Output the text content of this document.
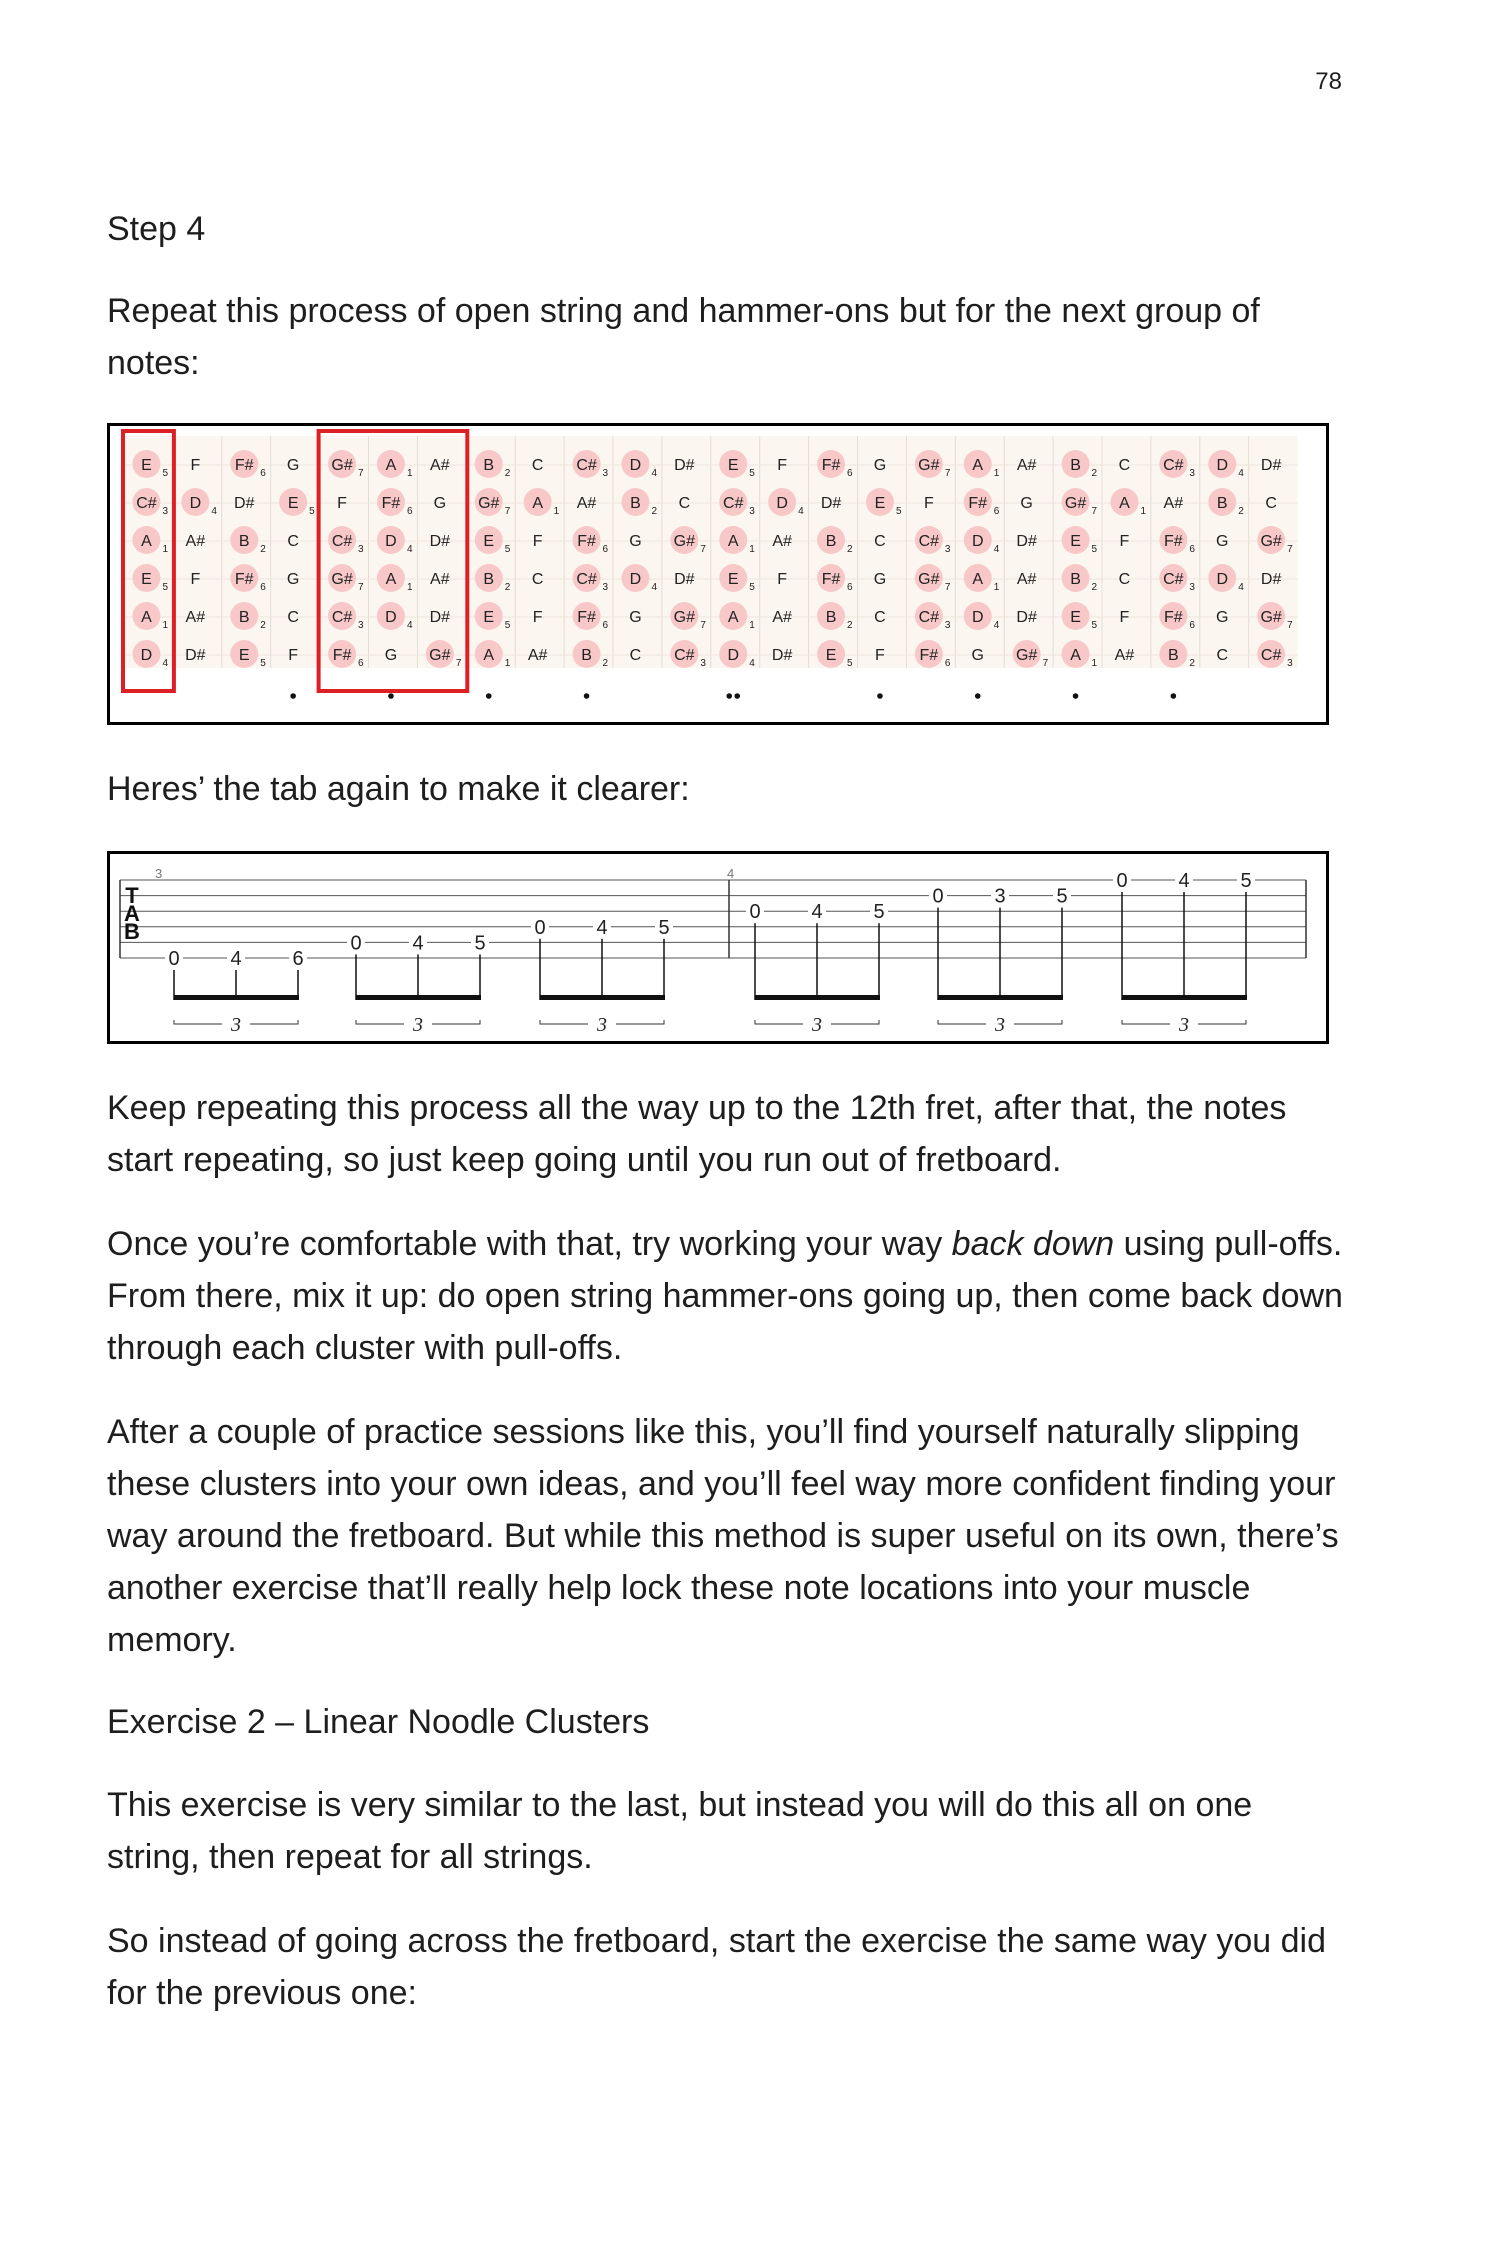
78
Step 4

Repeat this process of open string and hammer-ons but for the next group of notes:

E 5 F F# 6 G G# 7 A 1 A# B 2 C C# 3 D 4 D# E 5 F F# 6 G G# 7 A 1 A# B 2 C C# 3 D 4 D#
C# 3 D 4 D# E 5 F F# 6 G G# 7 A 1 A# B 2 C C# 3 D 4 D# E 5 F F# 6 G G# 7 A 1 A# B 2 C
A 1 A# B 2 C C# 3 D 4 D# E 5 F F# 6 G G# 7 A 1 A# B 2 C C# 3 D 4 D# E 5 F F# 6 G G# 7
E 5 F F# 6 G G# 7 A 1 A# B 2 C C# 3 D 4 D# E 5 F F# 6 G G# 7 A 1 A# B 2 C C# 3 D 4 D#
A 1 A# B 2 C C# 3 D 4 D# E 5 F F# 6 G G# 7 A 1 A# B 2 C C# 3 D 4 D# E 5 F F# 6 G G# 7
D 4 D# E 5 F F# 6 G G# 7 A 1 A# B 2 C C# 3 D 4 D# E 5 F F# 6 G G# 7 A 1 A# B 2 C C# 3

Heres’ the tab again to make it clearer:

T
A
B
3	4
0	4	6
3
0	4	5
3
0	4	5
3
0	4	5
3
0	3	5
3
0	4	5
3

Keep repeating this process all the way up to the 12th fret, after that, the notes start repeating, so just keep going until you run out of fretboard.

Once you’re comfortable with that, try working your way back down using pull-offs. From there, mix it up: do open string hammer-ons going up, then come back down through each cluster with pull-offs.

After a couple of practice sessions like this, you’ll find yourself naturally slipping these clusters into your own ideas, and you’ll feel way more confident finding your way around the fretboard. But while this method is super useful on its own, there’s another exercise that’ll really help lock these note locations into your muscle memory.

Exercise 2 – Linear Noodle Clusters

This exercise is very similar to the last, but instead you will do this all on one string, then repeat for all strings.

So instead of going across the fretboard, start the exercise the same way you did for the previous one:
